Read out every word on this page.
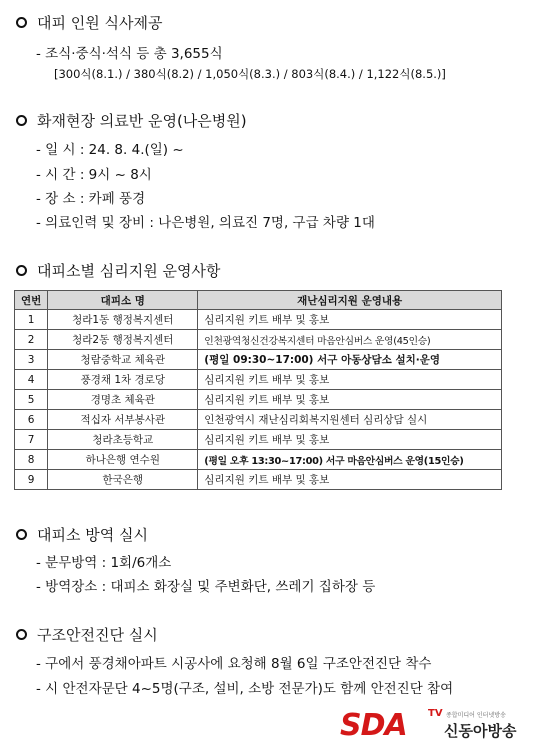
대피 인원 식사제공
- 조식·중식·석식 등 총 3,655식
[300식(8.1.) / 380식(8.2) / 1,050식(8.3.) / 803식(8.4.) / 1,122식(8.5.)]
화재현장 의료반 운영(나은병원)
- 일 시 : 24. 8. 4.(일) ~
- 시 간 : 9시 ~ 8시
- 장 소 : 카페 풍경
- 의료인력 및 장비 : 나은병원, 의료진 7명, 구급 차량 1대
대피소별 심리지원 운영사항
연번	대피소 명	재난심리지원 운영내용
1	청라1동 행정복지센터	심리지원 키트 배부 및 홍보
2	청라2동 행정복지센터	인천광역청신건강복지센터 마음안심버스 운영(45인승)
3	청람중학교 체육관	(평일 09:30~17:00) 서구 아동상담소 설치·운영
4	풍경채 1차 경로당	심리지원 키트 배부 및 홍보
5	경명초 체육관	심리지원 키트 배부 및 홍보
6	적십자 서부봉사관	인천광역시 재난심리회복지원센터 심리상담 실시
7	청라초등학교	심리지원 키트 배부 및 홍보
8	하나은행 연수원	(평일 오후 13:30~17:00) 서구 마음안심버스 운영(15인승)
9	한국은행	심리지원 키트 배부 및 홍보
대피소 방역 실시
- 분무방역 : 1회/6개소
- 방역장소 : 대피소 화장실 및 주변화단, 쓰레기 집하장 등
구조안전진단 실시
- 구에서 풍경채아파트 시공사에 요청해 8월 6일 구조안전진단 착수
- 시 안전자문단 4~5명(구조, 설비, 소방 전문가)도 함께 안전진단 참여
SDA TV 종합미디어 인터넷방송
신동아방송
